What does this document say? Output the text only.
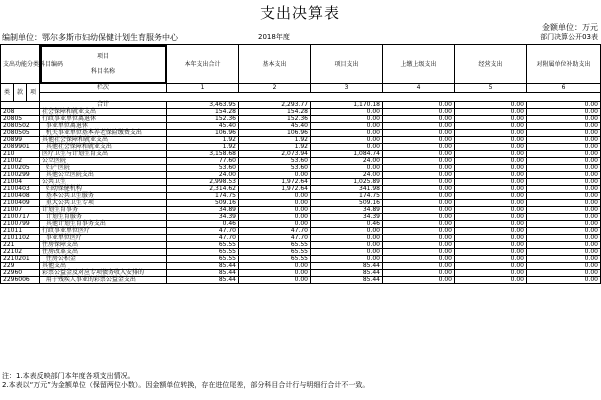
支出决算表
金额单位：万元
编制单位：鄂尔多斯市妇幼保健计划生育服务中心	2018年度	部门决算公开03表
支出功能分类科目编码			项目
科目名称	本年支出合计	基本支出	项目支出	上缴上级支出	经营支出	对附属单位补助支出
类	款	项	栏次	1	2	3	4	5	6

			合计	3,463.95	2,293.77	1,170.18	0.00	0.00	0.00
208			社会保障和就业支出	154.28	154.28	0.00	0.00	0.00	0.00
20805			行政事业单位离退休	152.36	152.36	0.00	0.00	0.00	0.00
2080502			事业单位离退休	45.40	45.40	0.00	0.00	0.00	0.00
2080505			机关事业单位基本养老保险缴费支出	106.96	106.96	0.00	0.00	0.00	0.00
20899			其他社会保障和就业支出	1.92	1.92	0.00	0.00	0.00	0.00
2089901			其他社会保障和就业支出	1.92	1.92	0.00	0.00	0.00	0.00
210			医疗卫生与计划生育支出	3,158.68	2,073.94	1,084.74	0.00	0.00	0.00
21002			公立医院	77.60	53.60	24.00	0.00	0.00	0.00
2100205			妇产医院	53.60	53.60	0.00	0.00	0.00	0.00
2100299			其他公立医院支出	24.00	0.00	24.00	0.00	0.00	0.00
21004			公共卫生	2,998.53	1,972.64	1,025.89	0.00	0.00	0.00
2100403			妇幼保健机构	2,314.62	1,972.64	341.98	0.00	0.00	0.00
2100408			基本公共卫生服务	174.75	0.00	174.75	0.00	0.00	0.00
2100409			重大公共卫生专项	509.16	0.00	509.16	0.00	0.00	0.00
21007			计划生育事务	34.89	0.00	34.89	0.00	0.00	0.00
2100717			计划生育服务	34.39	0.00	34.39	0.00	0.00	0.00
2100799			其他计划生育事务支出	0.46	0.00	0.46	0.00	0.00	0.00
21011			行政事业单位医疗	47.70	47.70	0.00	0.00	0.00	0.00
2101102			事业单位医疗	47.70	47.70	0.00	0.00	0.00	0.00
221			住房保障支出	65.55	65.55	0.00	0.00	0.00	0.00
22102			住房改革支出	65.55	65.55	0.00	0.00	0.00	0.00
2210201			住房公积金	65.55	65.55	0.00	0.00	0.00	0.00
229			其他支出	85.44	0.00	85.44	0.00	0.00	0.00
22960			彩票公益金及对应专项债务收入安排的	85.44	0.00	85.44	0.00	0.00	0.00
2296006			用于残疾人事业的彩票公益金支出	85.44	0.00	85.44	0.00	0.00	0.00
注：1.本表反映部门本年度各项支出情况。
2.本表以“万元”为金额单位（保留两位小数）。因金额单位转换，存在进位尾差，部分科目合计行与明细行合计不一致。
